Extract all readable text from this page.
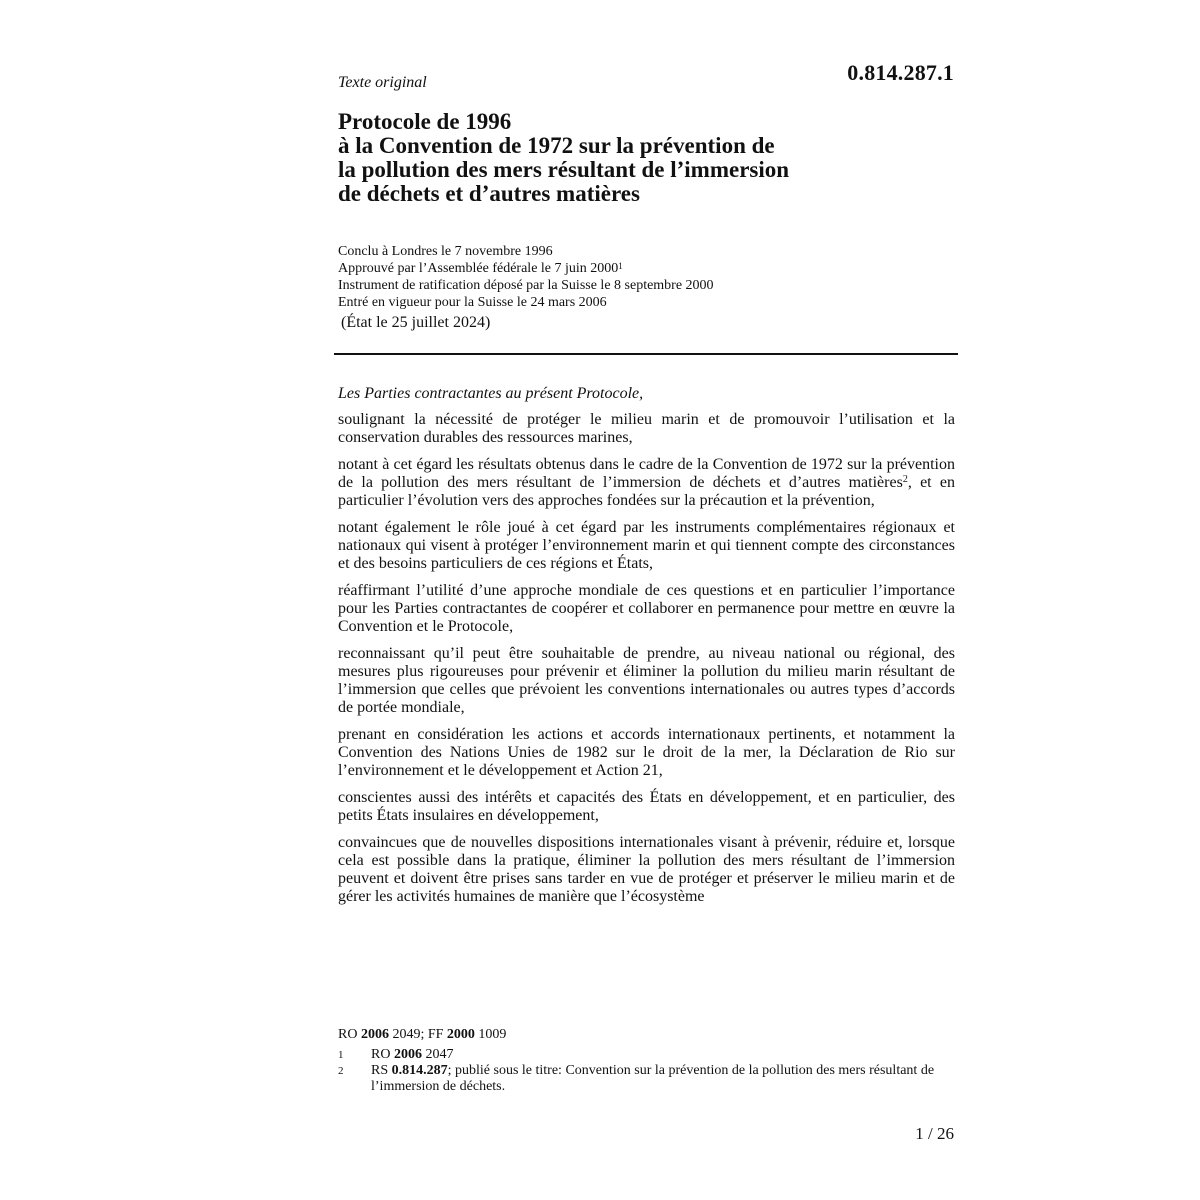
0.814.287.1
Texte original
Protocole de 1996
à la Convention de 1972 sur la prévention de
la pollution des mers résultant de l’immersion
de déchets et d’autres matières
Conclu à Londres le 7 novembre 1996
Approuvé par l’Assemblée fédérale le 7 juin 2000$^1$
Instrument de ratification déposé par la Suisse le 8 septembre 2000
Entré en vigueur pour la Suisse le 24 mars 2006
(État le 25 juillet 2024)
Les Parties contractantes au présent Protocole,

soulignant la nécessité de protéger le milieu marin et de promouvoir l’utilisation et la conservation durables des ressources marines,

notant à cet égard les résultats obtenus dans le cadre de la Convention de 1972 sur la prévention de la pollution des mers résultant de l’immersion de déchets et d’autres matières$^2$, et en particulier l’évolution vers des approches fondées sur la précaution et la prévention,

notant également le rôle joué à cet égard par les instruments complémentaires régionaux et nationaux qui visent à protéger l’environnement marin et qui tiennent compte des circonstances et des besoins particuliers de ces régions et États,

réaffirmant l’utilité d’une approche mondiale de ces questions et en particulier l’importance pour les Parties contractantes de coopérer et collaborer en permanence pour mettre en œuvre la Convention et le Protocole,

reconnaissant qu’il peut être souhaitable de prendre, au niveau national ou régional, des mesures plus rigoureuses pour prévenir et éliminer la pollution du milieu marin résultant de l’immersion que celles que prévoient les conventions internationales ou autres types d’accords de portée mondiale,

prenant en considération les actions et accords internationaux pertinents, et notamment la Convention des Nations Unies de 1982 sur le droit de la mer, la Déclaration de Rio sur l’environnement et le développement et Action 21,

conscientes aussi des intérêts et capacités des États en développement, et en particulier, des petits États insulaires en développement,

convaincues que de nouvelles dispositions internationales visant à prévenir, réduire et, lorsque cela est possible dans la pratique, éliminer la pollution des mers résultant de l’immersion peuvent et doivent être prises sans tarder en vue de protéger et préserver le milieu marin et de gérer les activités humaines de manière que l’écosystème

RO 2006 2049; FF 2000 1009
1	RO 2006 2047
2	RS 0.814.287; publié sous le titre: Convention sur la prévention de la pollution des mers résultant de l’immersion de déchets.
1 / 26
